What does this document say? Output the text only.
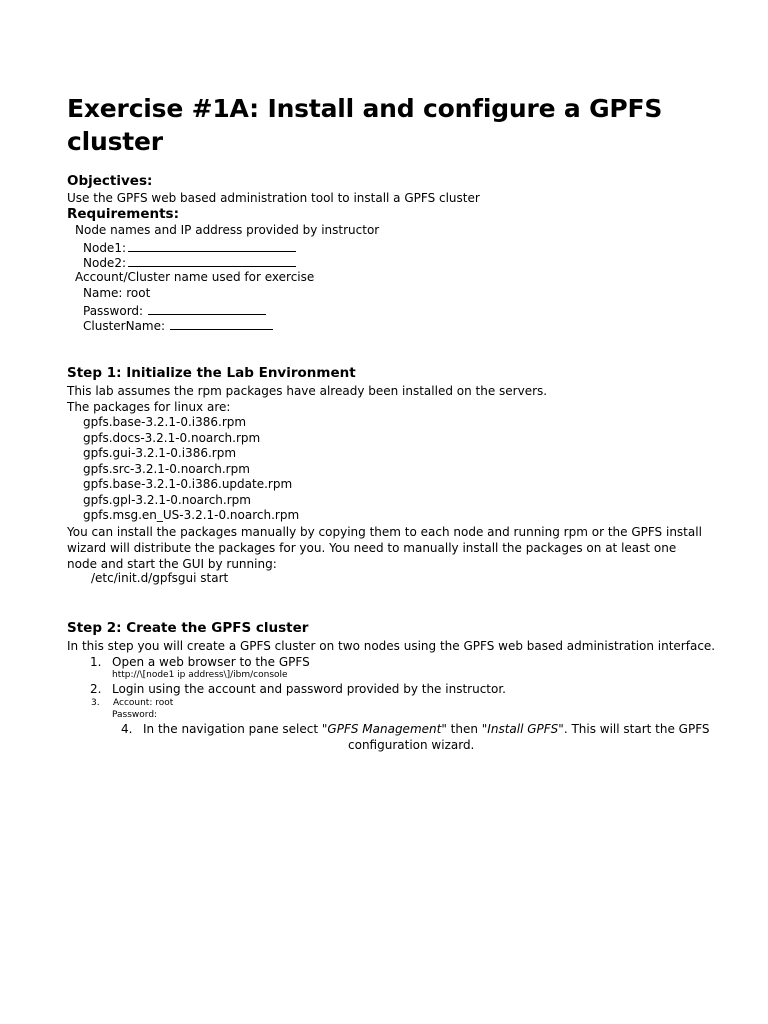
Exercise #1A: Install and configure a GPFS cluster
Objectives:
Use the GPFS web based administration tool to install a GPFS cluster
Requirements:
Node names and IP address provided by instructor
Node1:
Node2:
Account/Cluster name used for exercise
Name: root
Password:
ClusterName:
Step 1: Initialize the Lab Environment
This lab assumes the rpm packages have already been installed on the servers.
The packages for linux are:
gpfs.base-3.2.1-0.i386.rpm
gpfs.docs-3.2.1-0.noarch.rpm
gpfs.gui-3.2.1-0.i386.rpm
gpfs.src-3.2.1-0.noarch.rpm
gpfs.base-3.2.1-0.i386.update.rpm
gpfs.gpl-3.2.1-0.noarch.rpm
gpfs.msg.en_US-3.2.1-0.noarch.rpm
You can install the packages manually by copying them to each node and running rpm or the GPFS install wizard will distribute the packages for you. You need to manually install the packages on at least one node and start the GUI by running:
/etc/init.d/gpfsgui start
Step 2: Create the GPFS cluster
In this step you will create a GPFS cluster on two nodes using the GPFS web based administration interface.
1. Open a web browser to the GPFS
http://\[node1 ip address\]/ibm/console
2. Login using the account and password provided by the instructor.
3. Account: root
Password:
4. In the navigation pane select "GPFS Management" then "Install GPFS". This will start the GPFS
configuration wizard.
